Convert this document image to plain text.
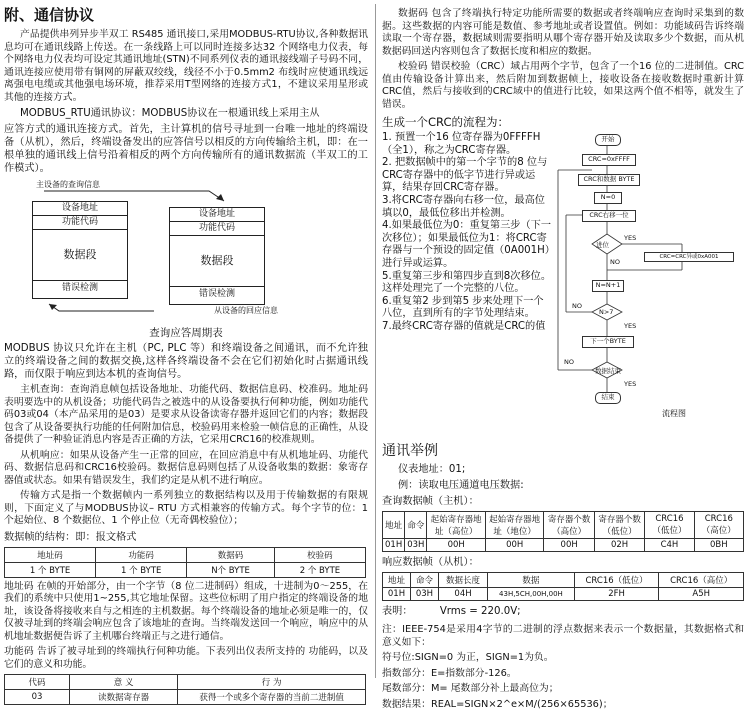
附、通信协议

产品提供串列异步半双工 RS485 通讯接口,采用MODBUS-RTU协议,各种数据讯息均可在通讯线路上传送。在一条线路上可以同时连接多达32 个网络电力仪表，每个网络电力仪表均可设定其通讯地址(STN)不同系列仪表的通讯接线端子号码不同，通讯连接应使用带有铜网的屏蔽双绞线，线径不小于0.5mm2 布线时应使通讯线远离强电电缆或其他强电场环境，推荐采用T型网络的连接方式1，不建议采用星形或其他的连接方式。

MODBUS_RTU通讯协议：MODBUS协议在一根通讯线上采用主从

应答方式的通讯连接方式。首先，主计算机的信号寻址到一台唯一地址的终端设备（从机），然后，终端设备发出的应答信号以相反的方向传输给主机，即：在一根单独的通讯线上信号沿着相反的两个方向传输所有的通讯数据流（半双工的工作模式）。

主设备的查询信息
设备地址
功能代码
数据段
错误检测
设备地址
功能代码
数据段
错误检测
从设备的回应信息
查询应答周期表

MODBUS 协议只允许在主机（PC, PLC 等）和终端设备之间通讯，而不允许独立的终端设备之间的数据交换,这样各终端设备不会在它们初始化时占据通讯线路，而仅限于响应到达本机的查询信号。

主机查询：查询消息帧包括设备地址、功能代码、数据信息码、校准码。地址码表明要选中的从机设备；功能代码告之被选中的从设备要执行何种功能，例如功能代码03或04（本产品采用的是03）是要求从设备读寄存器并返回它们的内容；数据段包含了从设备要执行功能的任何附加信息，校验码用来检验一帧信息的正确性，从设备提供了一种验证消息内容是否正确的方法，它采用CRC16的校准规则。

从机响应：如果从设备产生一正常的回应，在回应消息中有从机地址码、功能代码、数据信息码和CRC16校验码。数据信息码则包括了从设备收集的数据：象寄存器值或状态。如果有错误发生，我们约定是从机不进行响应。

传输方式是指一个数据帧内一系列独立的数据结构以及用于传输数据的有限规则，下面定义了与MODBUS协议– RTU 方式相兼容的传输方式。每个字节的位：1 个起始位、8 个数据位、1 个停止位（无奇偶校验位）；

数据帧的结构：即：报文格式

地址码	功能码	数据码	校验码
1 个 BYTE	1 个 BYTE	N个 BYTE	2 个 BYTE

地址码 在帧的开始部分，由一个字节（8 位二进制码）组成，十进制为0～255，在我们的系统中只使用1~255,其它地址保留。这些位标明了用户指定的终端设备的地址，该设备将接收来自与之相连的主机数据。每个终端设备的地址必须是唯一的，仅仅被寻址到的终端会响应包含了该地址的查询。当终端发送回一个响应，响应中的从机地址数据便告诉了主机哪台终端正与之进行通信。

功能码 告诉了被寻址到的终端执行何种功能。下表列出仪表所支持的 功能码，以及它们的意义和功能。

代码	意 义	行 为
03	读数据寄存器	获得一个或多个寄存器的当前二进制值

数据码 包含了终端执行特定功能所需要的数据或者终端响应查询时采集到的数据。这些数据的内容可能是数值、参考地址或者设置值。例如：功能域码告诉终端读取一个寄存器，数据域则需要指明从哪个寄存器开始及读取多少个数据，而从机数据码回送内容则包含了数据长度和相应的数据。

校验码 错误校验（CRC）域占用两个字节，包含了一个16 位的二进制值。CRC值由传输设备计算出来，然后附加到数据帧上，接收设备在接收数据时重新计算CRC值，然后与接收到的CRC域中的值进行比较，如果这两个值不相等，就发生了错误。

生成一个CRC的流程为：

1. 预置一个16 位寄存器为0FFFFH（全1），称之为CRC寄存器。

2. 把数据帧中的第一个字节的8 位与CRC寄存器中的低字节进行异或运算，结果存回CRC寄存器。

3.将CRC寄存器向右移一位，最高位填以0，最低位移出并检测。

4.如果最低位为0：重复第三步（下一次移位）；如果最低位为1：将CRC寄存器与一个预设的固定值（0A001H）进行异或运算。

5.重复第三步和第四步直到8次移位。这样处理完了一个完整的八位。

6.重复第2 步到第5 步来处理下一个八位，直到所有的字节处理结束。

7.最终CRC寄存器的值就是CRC的值

开始
CRC=0xFFFF
CRC和数据 BYTE
N=0
CRC右移一位
进位
YES
CRC=CRC异或0xA001
NO
N=N+1
N>7
NO
YES
下一个BYTE
数据结束
NO
YES
结束
流程图
通讯举例

仪表地址：01;

例：读取电压通道电压数据:

查询数据帧（主机）：

地址	命令	起始寄存器地址（高位）	起始寄存器地址（地位）	寄存器个数（高位）	寄存器个数（低位）	CRC16（低位）	CRC16（高位）
01H	03H	00H	00H	00H	02H	C4H	0BH

响应数据帧（从机）：

地址	命令	数据长度	数据	CRC16（低位）	CRC16（高位）
01H	03H	04H	43H,5CH,00H,00H	2FH	A5H

表明：	Vrms = 220.0V;

注：IEEE-754是采用4字节的二进制的浮点数据来表示一个数据量，其数据格式和意义如下：

符号位:SIGN=0 为正，SIGN=1为负。

指数部分：E=指数部分-126。

尾数部分：M= 尾数部分补上最高位为；

数据结果：REAL=SIGN×2^e×M/(256×65536)；
